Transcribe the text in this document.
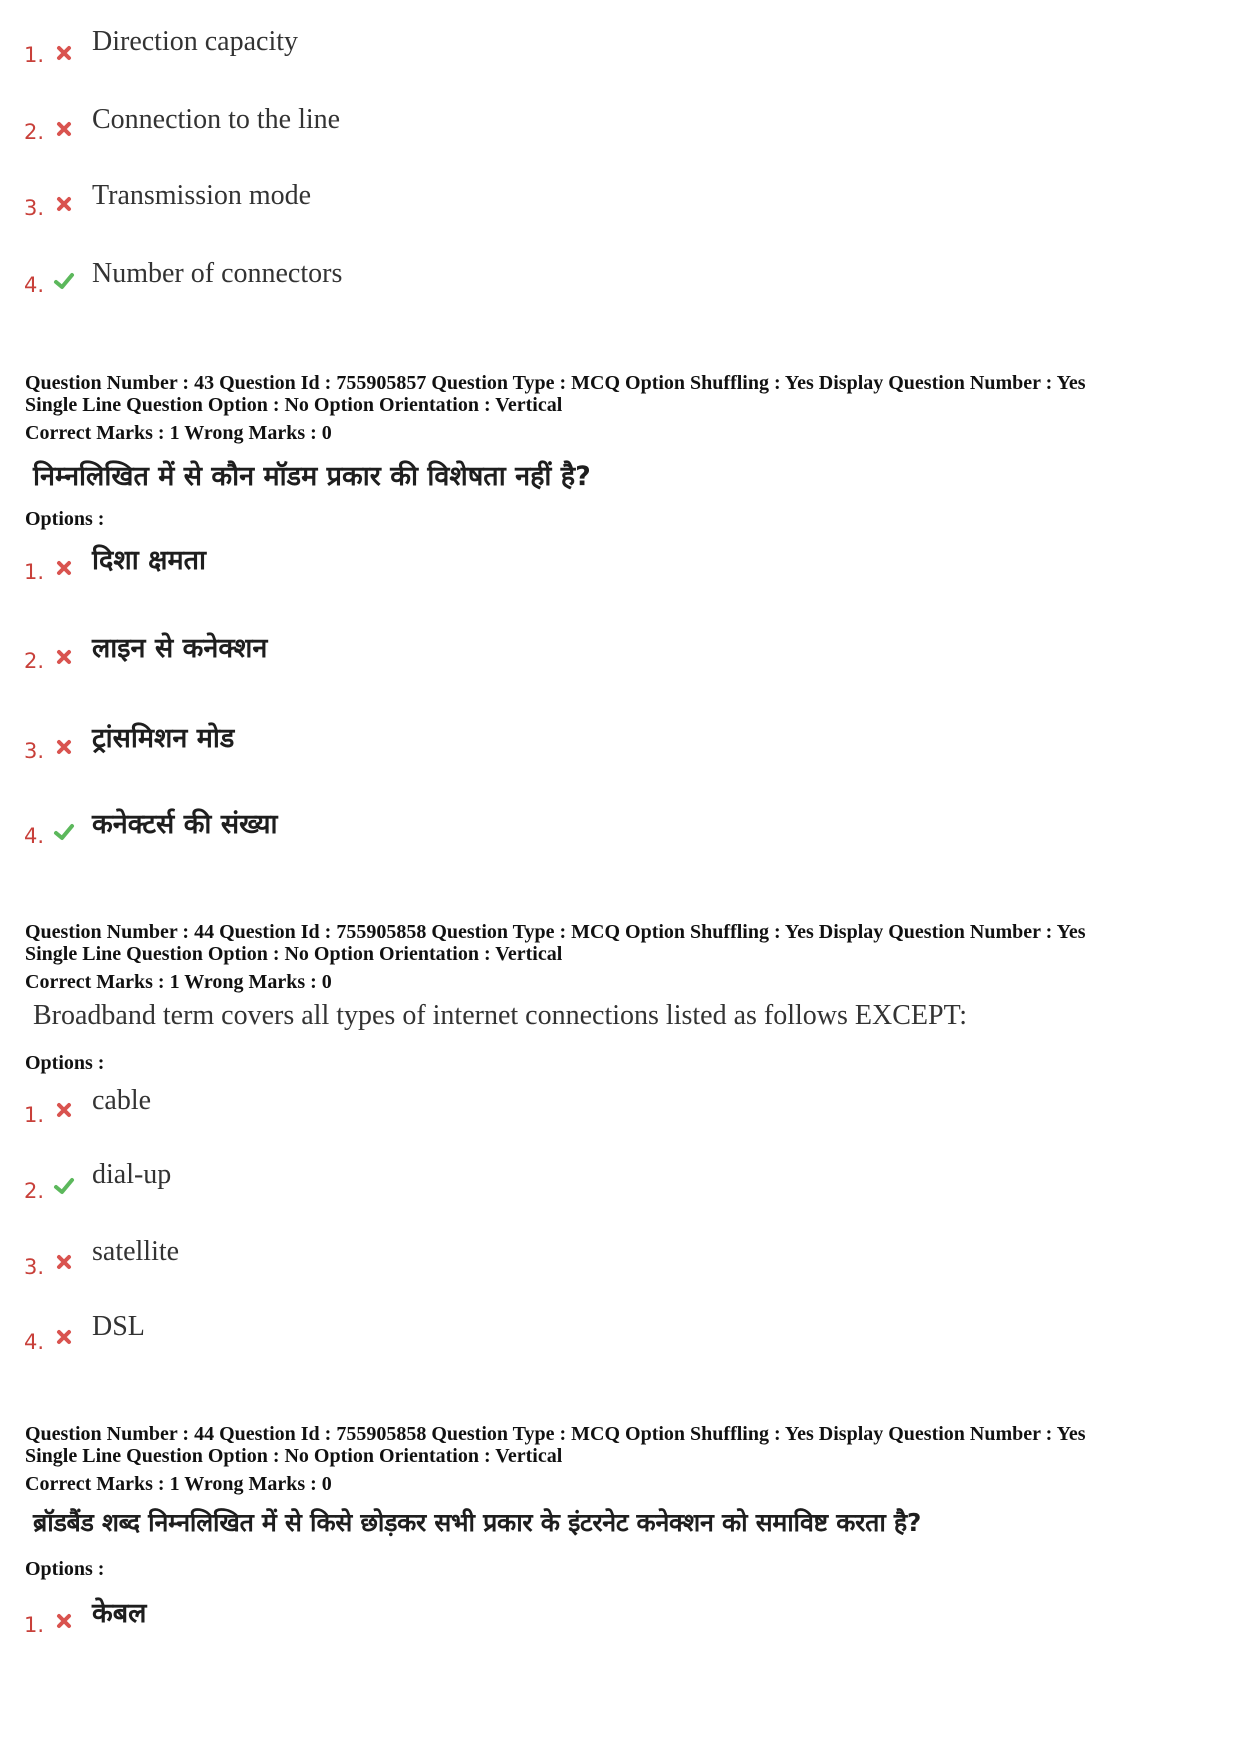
1. Direction capacity
2. Connection to the line
3. Transmission mode
4. Number of connectors
Question Number : 43 Question Id : 755905857 Question Type : MCQ Option Shuffling : Yes Display Question Number : Yes
Single Line Question Option : No Option Orientation : Vertical
Correct Marks : 1 Wrong Marks : 0
निम्नलिखित में से कौन मॉडम प्रकार की विशेषता नहीं है?
Options :
1. दिशा क्षमता
2. लाइन से कनेक्शन
3. ट्रांसमिशन मोड
4. कनेक्टर्स की संख्या
Question Number : 44 Question Id : 755905858 Question Type : MCQ Option Shuffling : Yes Display Question Number : Yes
Single Line Question Option : No Option Orientation : Vertical
Correct Marks : 1 Wrong Marks : 0
Broadband term covers all types of internet connections listed as follows EXCEPT:
Options :
1. cable
2.
dial-up
3. satellite
4. DSL
Question Number : 44 Question Id : 755905858 Question Type : MCQ Option Shuffling : Yes Display Question Number : Yes
Single Line Question Option : No Option Orientation : Vertical
Correct Marks : 1 Wrong Marks : 0
ब्रॉडबैंड शब्द निम्नलिखित में से किसे छोड़कर सभी प्रकार के इंटरनेट कनेक्शन को समाविष्ट करता है?
Options :
1. केबल
